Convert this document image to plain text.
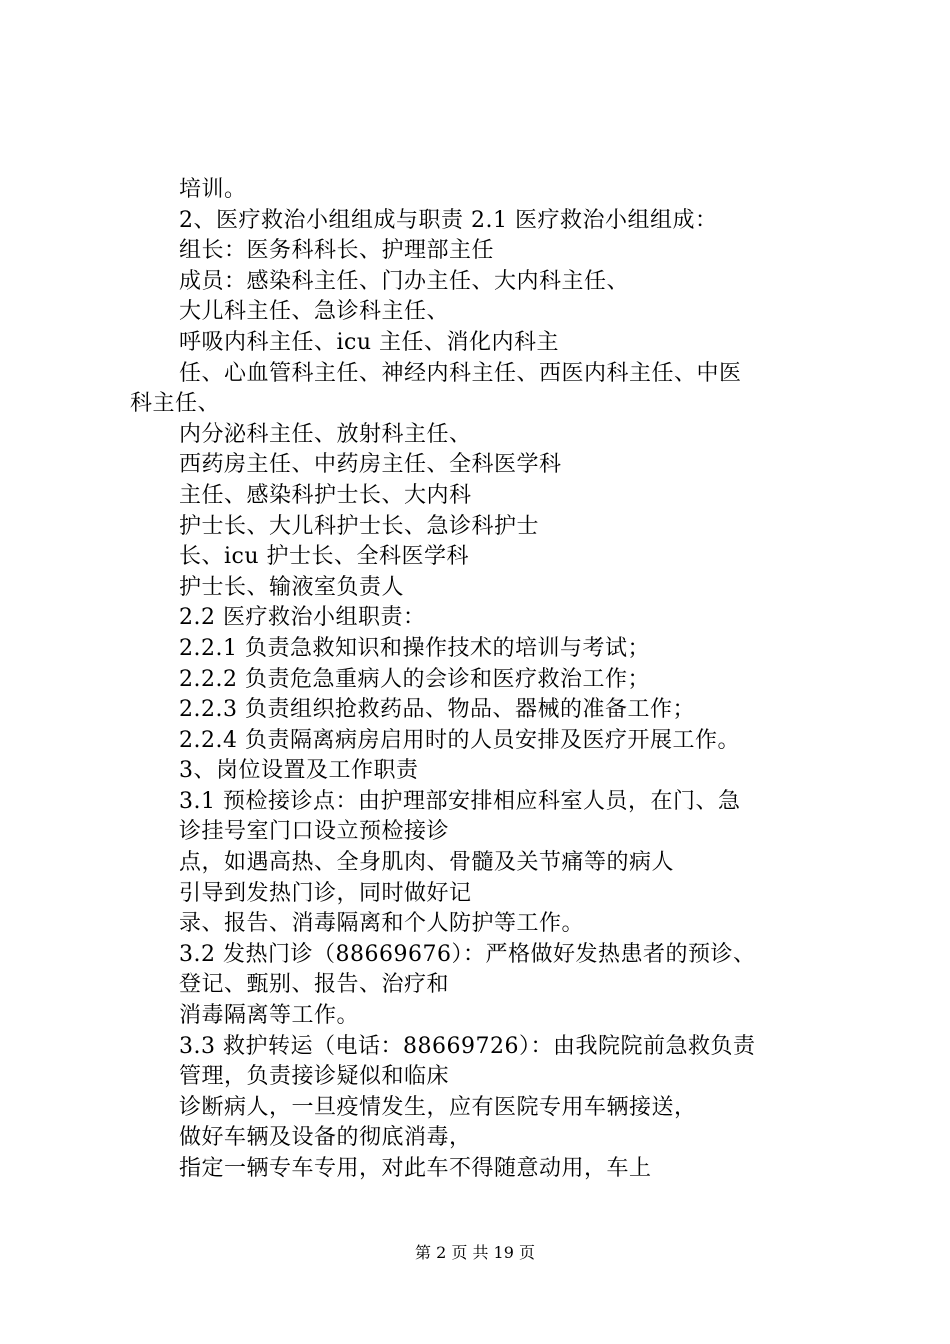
培训。
2、医疗救治小组组成与职责 2.1 医疗救治小组组成：
组长：医务科科长、护理部主任
成员：感染科主任、门办主任、大内科主任、
大儿科主任、急诊科主任、
呼吸内科主任、icu 主任、消化内科主
任、心血管科主任、神经内科主任、西医内科主任、中医
科主任、
内分泌科主任、放射科主任、
西药房主任、中药房主任、全科医学科
主任、感染科护士长、大内科
护士长、大儿科护士长、急诊科护士
长、icu 护士长、全科医学科
护士长、输液室负责人
2.2 医疗救治小组职责：
2.2.1 负责急救知识和操作技术的培训与考试；
2.2.2 负责危急重病人的会诊和医疗救治工作；
2.2.3 负责组织抢救药品、物品、器械的准备工作；
2.2.4 负责隔离病房启用时的人员安排及医疗开展工作。
3、岗位设置及工作职责
3.1 预检接诊点：由护理部安排相应科室人员，在门、急
诊挂号室门口设立预检接诊
点，如遇高热、全身肌肉、骨髓及关节痛等的病人
引导到发热门诊，同时做好记
录、报告、消毒隔离和个人防护等工作。
3.2 发热门诊（88669676）：严格做好发热患者的预诊、
登记、甄别、报告、治疗和
消毒隔离等工作。
3.3 救护转运（电话：88669726）：由我院院前急救负责
管理，负责接诊疑似和临床
诊断病人，一旦疫情发生，应有医院专用车辆接送，
做好车辆及设备的彻底消毒，
指定一辆专车专用，对此车不得随意动用，车上
第 2 页 共 19 页
